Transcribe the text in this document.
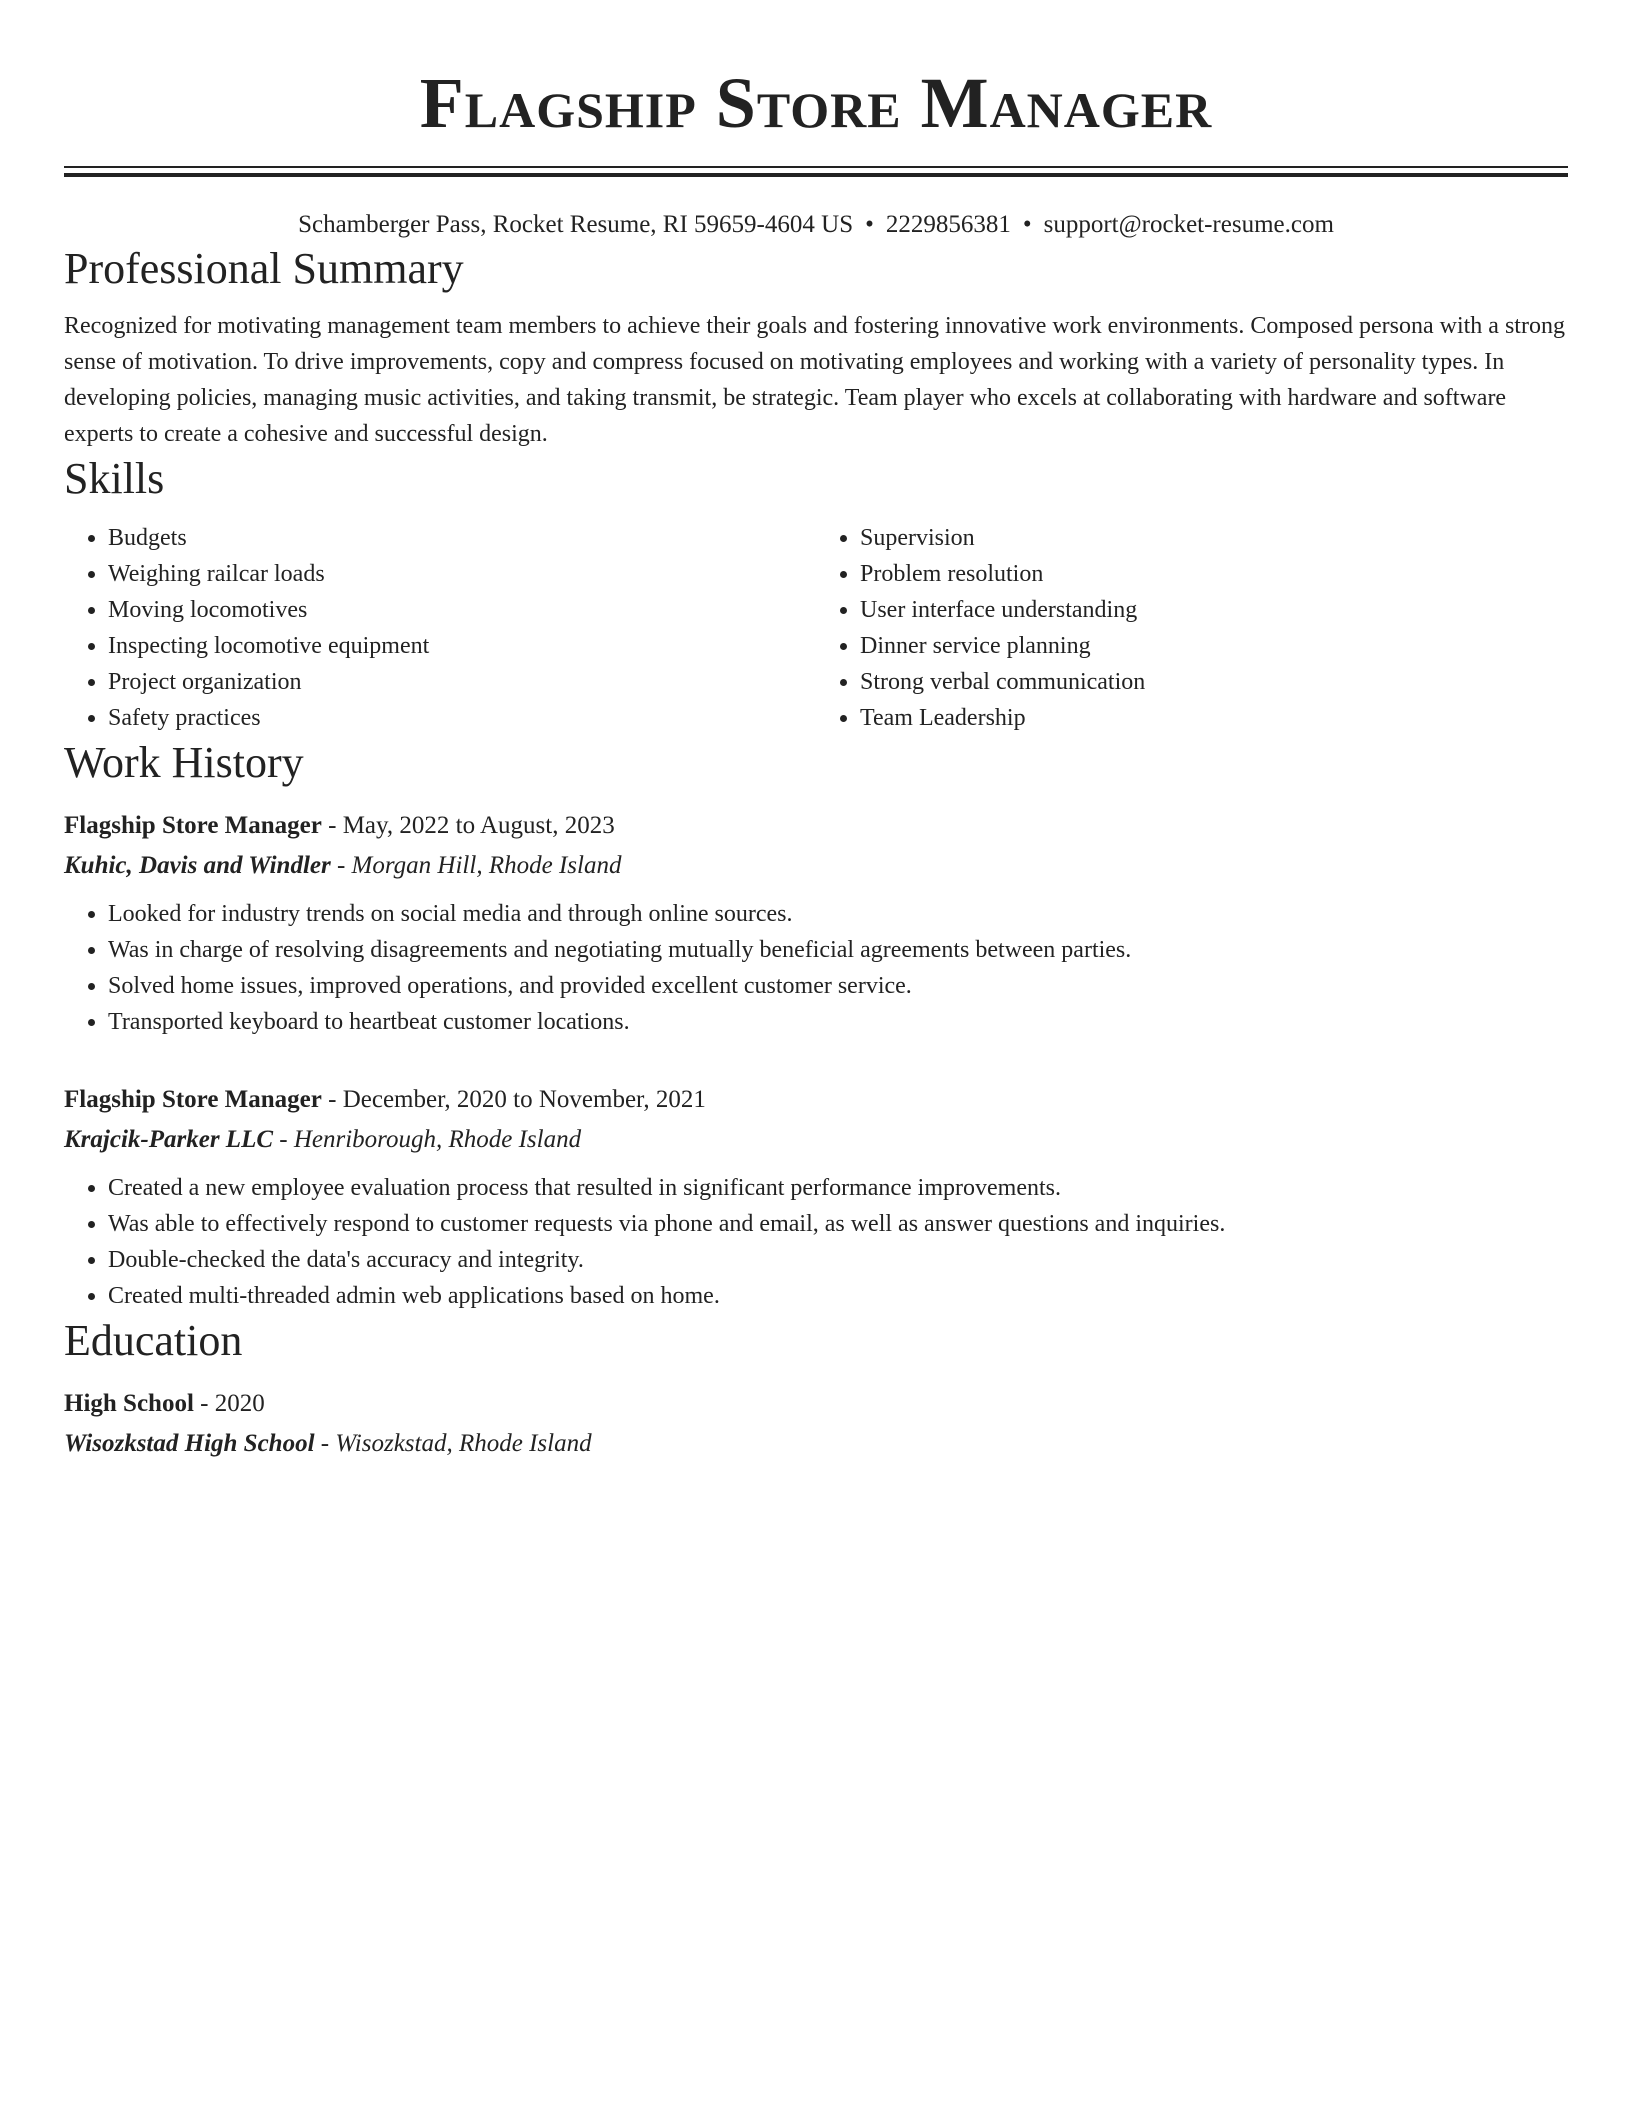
Flagship Store Manager
Schamberger Pass, Rocket Resume, RI 59659-4604 US • 2229856381 • support@rocket-resume.com
Professional Summary

Recognized for motivating management team members to achieve their goals and fostering innovative work environments. Composed persona with a strong sense of motivation. To drive improvements, copy and compress focused on motivating employees and working with a variety of personality types. In developing policies, managing music activities, and taking transmit, be strategic. Team player who excels at collaborating with hardware and software experts to create a cohesive and successful design.

Skills
• Budgets
• Weighing railcar loads
• Moving locomotives
• Inspecting locomotive equipment
• Project organization
• Safety practices
• Supervision
• Problem resolution
• User interface understanding
• Dinner service planning
• Strong verbal communication
• Team Leadership
Work History
Flagship Store Manager - May, 2022 to August, 2023
Kuhic, Davis and Windler - Morgan Hill, Rhode Island
• Looked for industry trends on social media and through online sources.
• Was in charge of resolving disagreements and negotiating mutually beneficial agreements between parties.
• Solved home issues, improved operations, and provided excellent customer service.
• Transported keyboard to heartbeat customer locations.
Flagship Store Manager - December, 2020 to November, 2021
Krajcik-Parker LLC - Henriborough, Rhode Island
• Created a new employee evaluation process that resulted in significant performance improvements.
• Was able to effectively respond to customer requests via phone and email, as well as answer questions and inquiries.
• Double-checked the data's accuracy and integrity.
• Created multi-threaded admin web applications based on home.
Education
High School - 2020
Wisozkstad High School - Wisozkstad, Rhode Island
